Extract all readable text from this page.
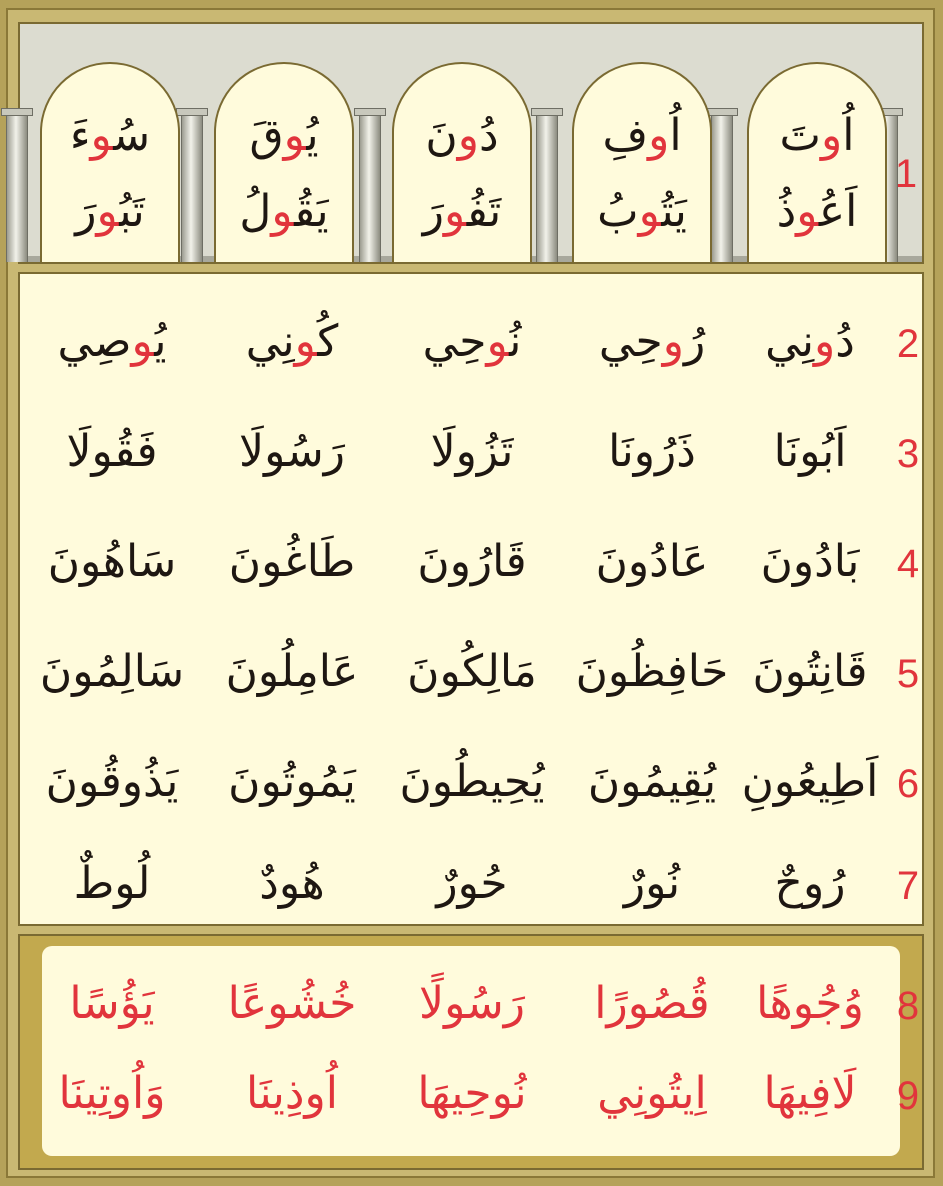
اُوتَ
اَعُوذُ
اُوفِ
يَتُوبُ
دُونَ
تَفُورَ
يُوقَ
يَقُولُ
سُوءَ
تَبُورَ
1
2
دُونِي
رُوحِي
نُوحِي
كُونِي
يُوصِي
3
اَبُونَا
ذَرُونَا
تَزُولَا
رَسُولَا
فَقُولَا
4
بَادُونَ
عَادُونَ
قَارُونَ
طَاغُونَ
سَاهُونَ
5
قَانِتُونَ
حَافِظُونَ
مَالِكُونَ
عَامِلُونَ
سَالِمُونَ
6
اَطِيعُونِ
يُقِيمُونَ
يُحِيطُونَ
يَمُوتُونَ
يَذُوقُونَ
7
رُوحٌ
نُورٌ
حُورٌ
هُودٌ
لُوطٌ
8
وُجُوهًا
قُصُورًا
رَسُولًا
خُشُوعًا
يَؤُسًا
9
لَافِيهَا
اِيتُونِي
نُوحِيهَا
اُوذِينَا
وَاُوتِينَا
